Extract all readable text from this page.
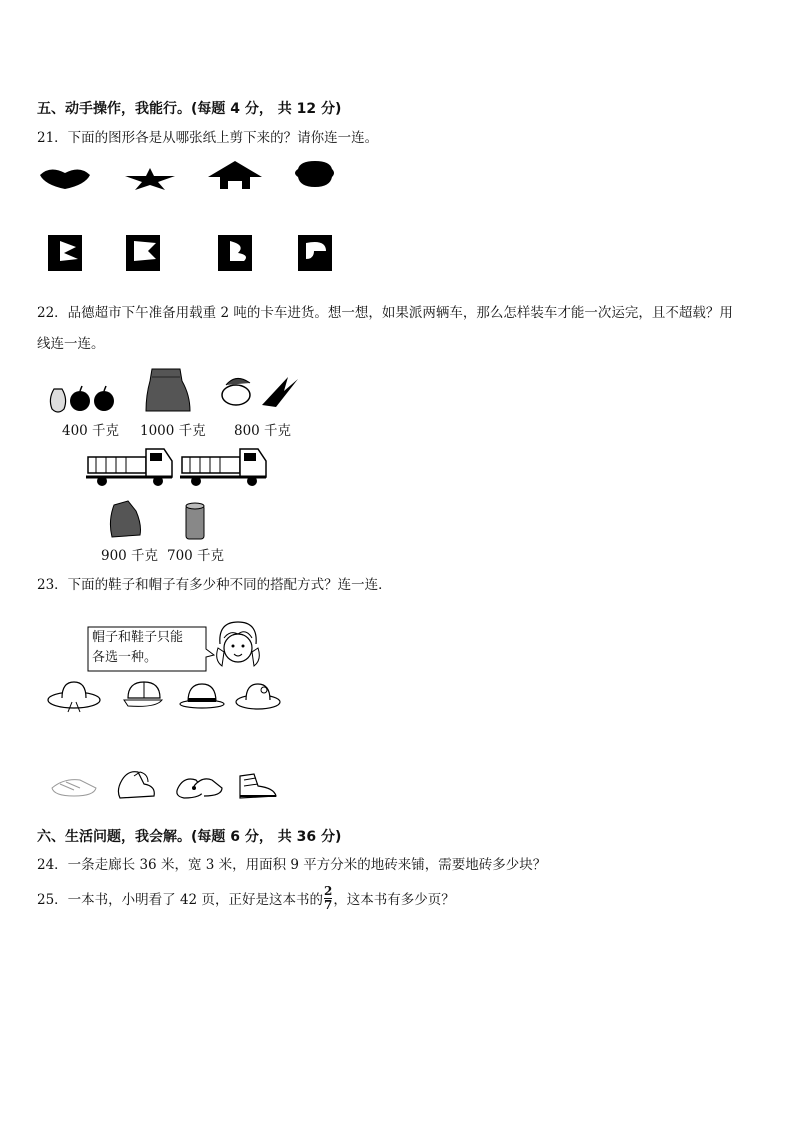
五、动手操作，我能行。(每题 4 分， 共 12 分)
21．下面的图形各是从哪张纸上剪下来的？请你连一连。
22．品德超市下午准备用载重 2 吨的卡车进货。想一想，如果派两辆车，那么怎样装车才能一次运完，且不超载？用
线连一连。
400 千克 1000 千克 800 千克
900 千克 700 千克
23．下面的鞋子和帽子有多少种不同的搭配方式？连一连．
帽子和鞋子只能
各选一种。
六、生活问题，我会解。(每题 6 分， 共 36 分)
24．一条走廊长 36 米，宽 3 米，用面积 9 平方分米的地砖来铺，需要地砖多少块？
25．一本书，小明看了 42 页，正好是这本书的 $\frac{2}{7}$ ，这本书有多少页？
